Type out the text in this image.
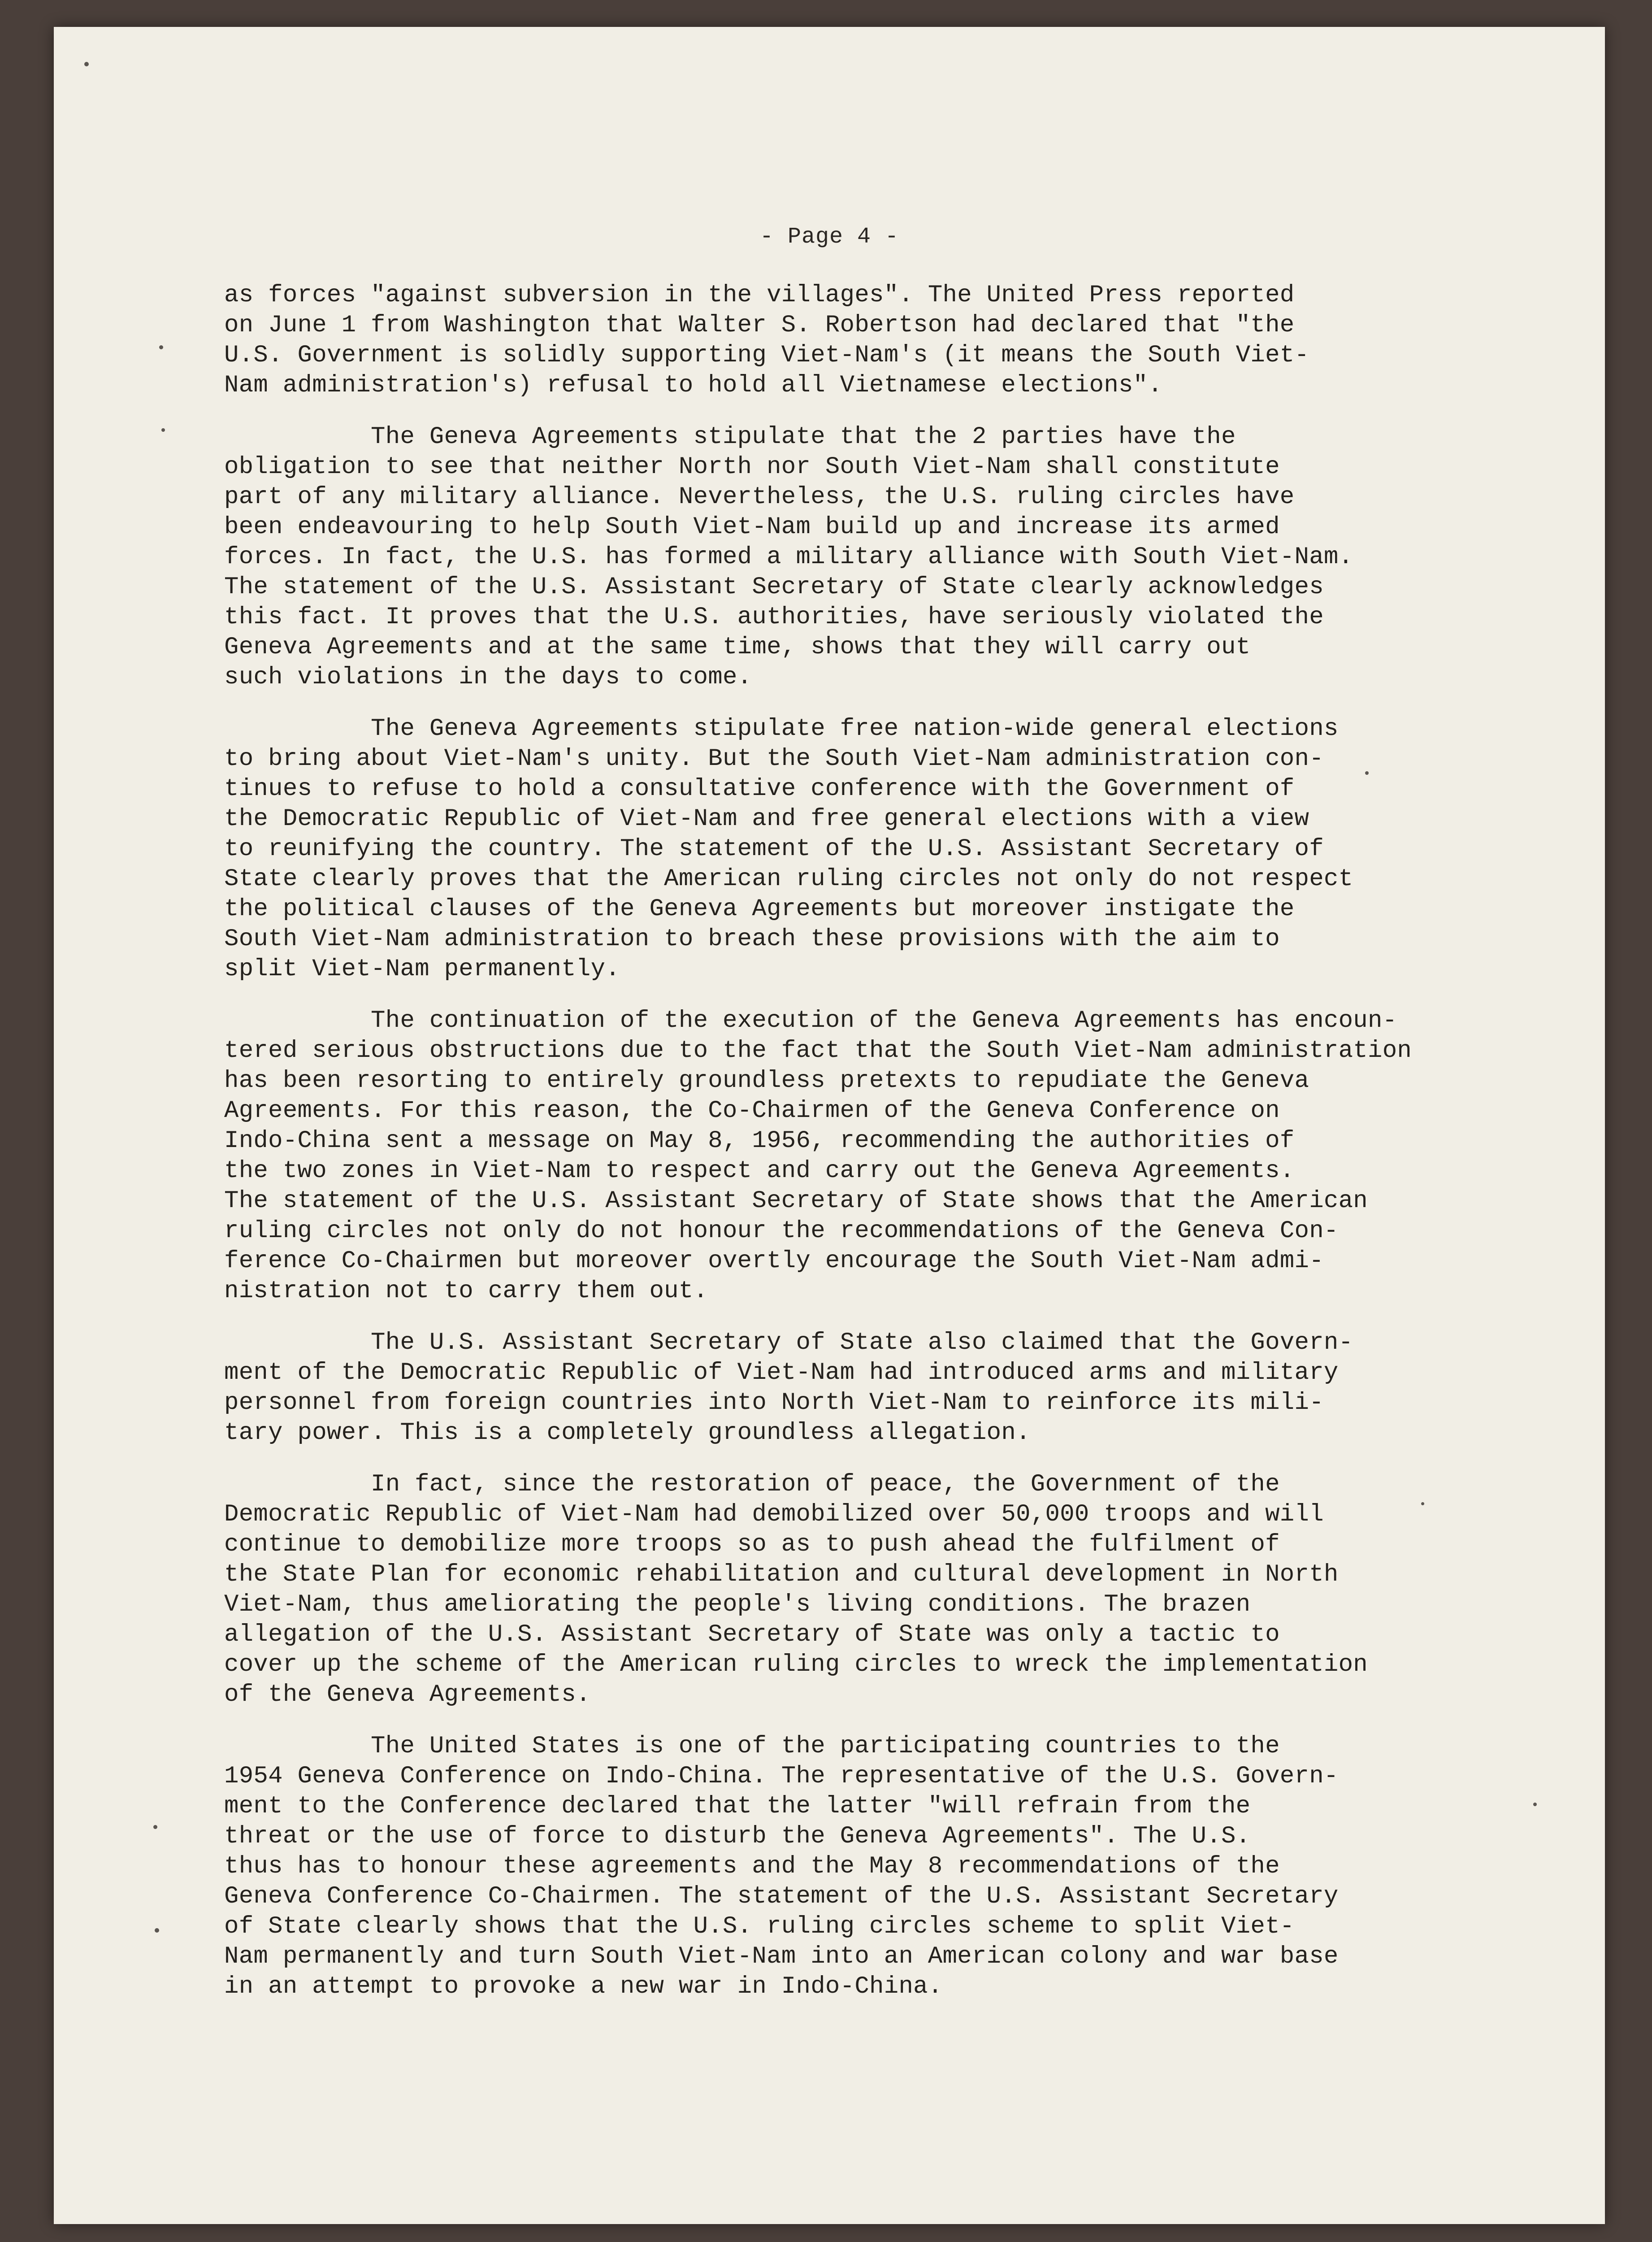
- Page 4 -
as forces "against subversion in the villages". The United Press reported
on June 1 from Washington that Walter S. Robertson had declared that "the
U.S. Government is solidly supporting Viet-Nam's (it means the South Viet-
Nam administration's) refusal to hold all Vietnamese elections".
The Geneva Agreements stipulate that the 2 parties have the
obligation to see that neither North nor South Viet-Nam shall constitute
part of any military alliance. Nevertheless, the U.S. ruling circles have
been endeavouring to help South Viet-Nam build up and increase its armed
forces. In fact, the U.S. has formed a military alliance with South Viet-Nam.
The statement of the U.S. Assistant Secretary of State clearly acknowledges
this fact. It proves that the U.S. authorities, have seriously violated the
Geneva Agreements and at the same time, shows that they will carry out
such violations in the days to come.
The Geneva Agreements stipulate free nation-wide general elections
to bring about Viet-Nam's unity. But the South Viet-Nam administration con-
tinues to refuse to hold a consultative conference with the Government of
the Democratic Republic of Viet-Nam and free general elections with a view
to reunifying the country. The statement of the U.S. Assistant Secretary of
State clearly proves that the American ruling circles not only do not respect
the political clauses of the Geneva Agreements but moreover instigate the
South Viet-Nam administration to breach these provisions with the aim to
split Viet-Nam permanently.
The continuation of the execution of the Geneva Agreements has encoun-
tered serious obstructions due to the fact that the South Viet-Nam administration
has been resorting to entirely groundless pretexts to repudiate the Geneva
Agreements. For this reason, the Co-Chairmen of the Geneva Conference on
Indo-China sent a message on May 8, 1956, recommending the authorities of
the two zones in Viet-Nam to respect and carry out the Geneva Agreements.
The statement of the U.S. Assistant Secretary of State shows that the American
ruling circles not only do not honour the recommendations of the Geneva Con-
ference Co-Chairmen but moreover overtly encourage the South Viet-Nam admi-
nistration not to carry them out.
The U.S. Assistant Secretary of State also claimed that the Govern-
ment of the Democratic Republic of Viet-Nam had introduced arms and military
personnel from foreign countries into North Viet-Nam to reinforce its mili-
tary power. This is a completely groundless allegation.
In fact, since the restoration of peace, the Government of the
Democratic Republic of Viet-Nam had demobilized over 50,000 troops and will
continue to demobilize more troops so as to push ahead the fulfilment of
the State Plan for economic rehabilitation and cultural development in North
Viet-Nam, thus ameliorating the people's living conditions. The brazen
allegation of the U.S. Assistant Secretary of State was only a tactic to
cover up the scheme of the American ruling circles to wreck the implementation
of the Geneva Agreements.
The United States is one of the participating countries to the
1954 Geneva Conference on Indo-China. The representative of the U.S. Govern-
ment to the Conference declared that the latter "will refrain from the
threat or the use of force to disturb the Geneva Agreements". The U.S.
thus has to honour these agreements and the May 8 recommendations of the
Geneva Conference Co-Chairmen. The statement of the U.S. Assistant Secretary
of State clearly shows that the U.S. ruling circles scheme to split Viet-
Nam permanently and turn South Viet-Nam into an American colony and war base
in an attempt to provoke a new war in Indo-China.
